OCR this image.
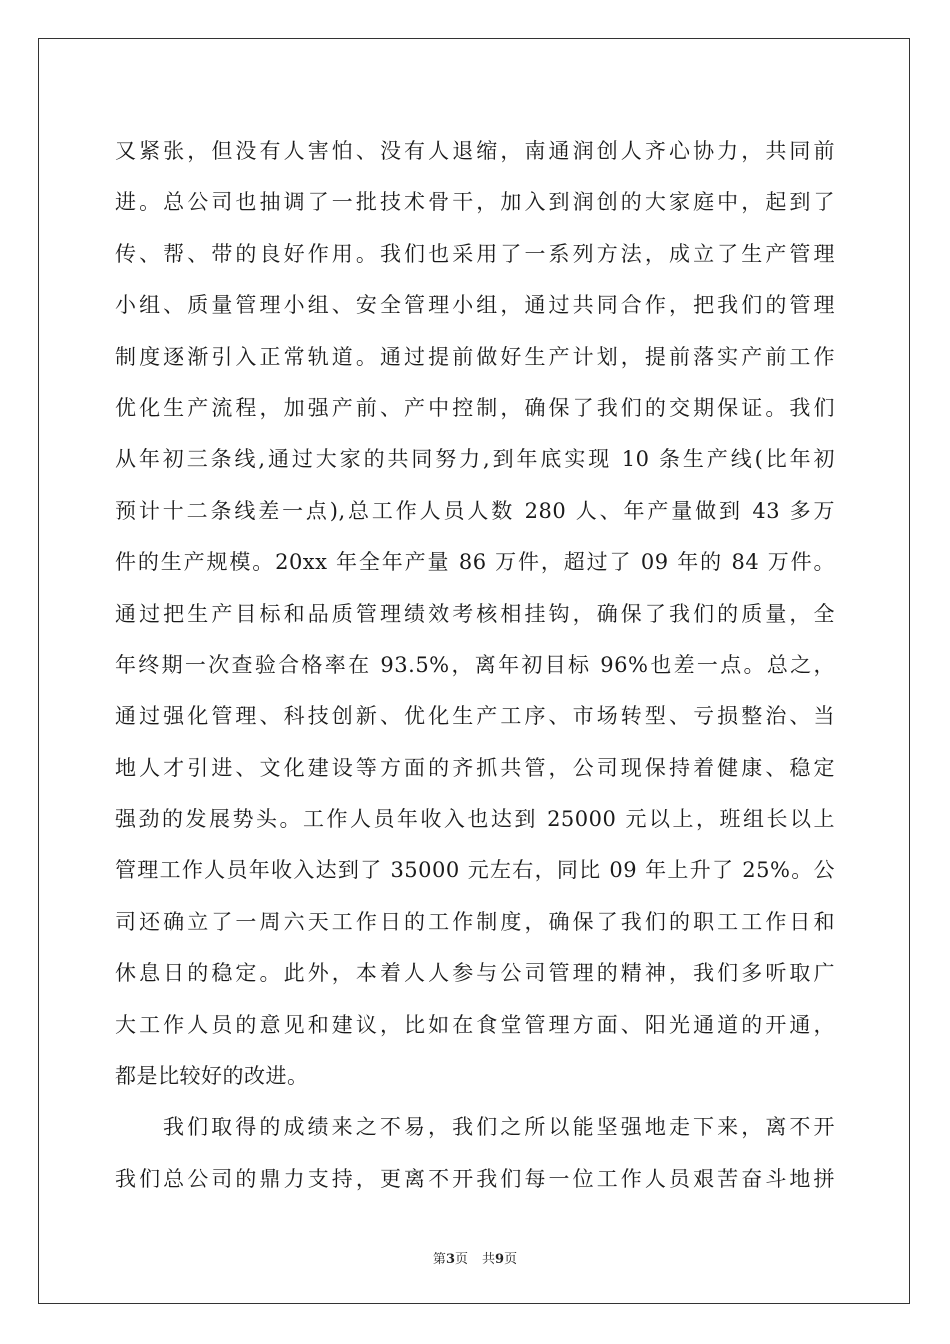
又紧张，但没有人害怕、没有人退缩，南通润创人齐心协力，共同前
进。总公司也抽调了一批技术骨干，加入到润创的大家庭中，起到了
传、帮、带的良好作用。我们也采用了一系列方法，成立了生产管理
小组、质量管理小组、安全管理小组，通过共同合作，把我们的管理
制度逐渐引入正常轨道。通过提前做好生产计划，提前落实产前工作
优化生产流程，加强产前、产中控制，确保了我们的交期保证。我们
从年初三条线,通过大家的共同努力,到年底实现 10 条生产线(比年初
预计十二条线差一点),总工作人员人数 280 人、年产量做到 43 多万
件的生产规模。20xx 年全年产量 86 万件，超过了 09 年的 84 万件。
通过把生产目标和品质管理绩效考核相挂钩，确保了我们的质量，全
年终期一次查验合格率在 93.5%，离年初目标 96%也差一点。总之，
通过强化管理、科技创新、优化生产工序、市场转型、亏损整治、当
地人才引进、文化建设等方面的齐抓共管，公司现保持着健康、稳定
强劲的发展势头。工作人员年收入也达到 25000 元以上，班组长以上
管理工作人员年收入达到了 35000 元左右，同比 09 年上升了 25%。公
司还确立了一周六天工作日的工作制度，确保了我们的职工工作日和
休息日的稳定。此外，本着人人参与公司管理的精神，我们多听取广
大工作人员的意见和建议，比如在食堂管理方面、阳光通道的开通，
都是比较好的改进。
我们取得的成绩来之不易，我们之所以能坚强地走下来，离不开
我们总公司的鼎力支持，更离不开我们每一位工作人员艰苦奋斗地拼
第3页 共9页
